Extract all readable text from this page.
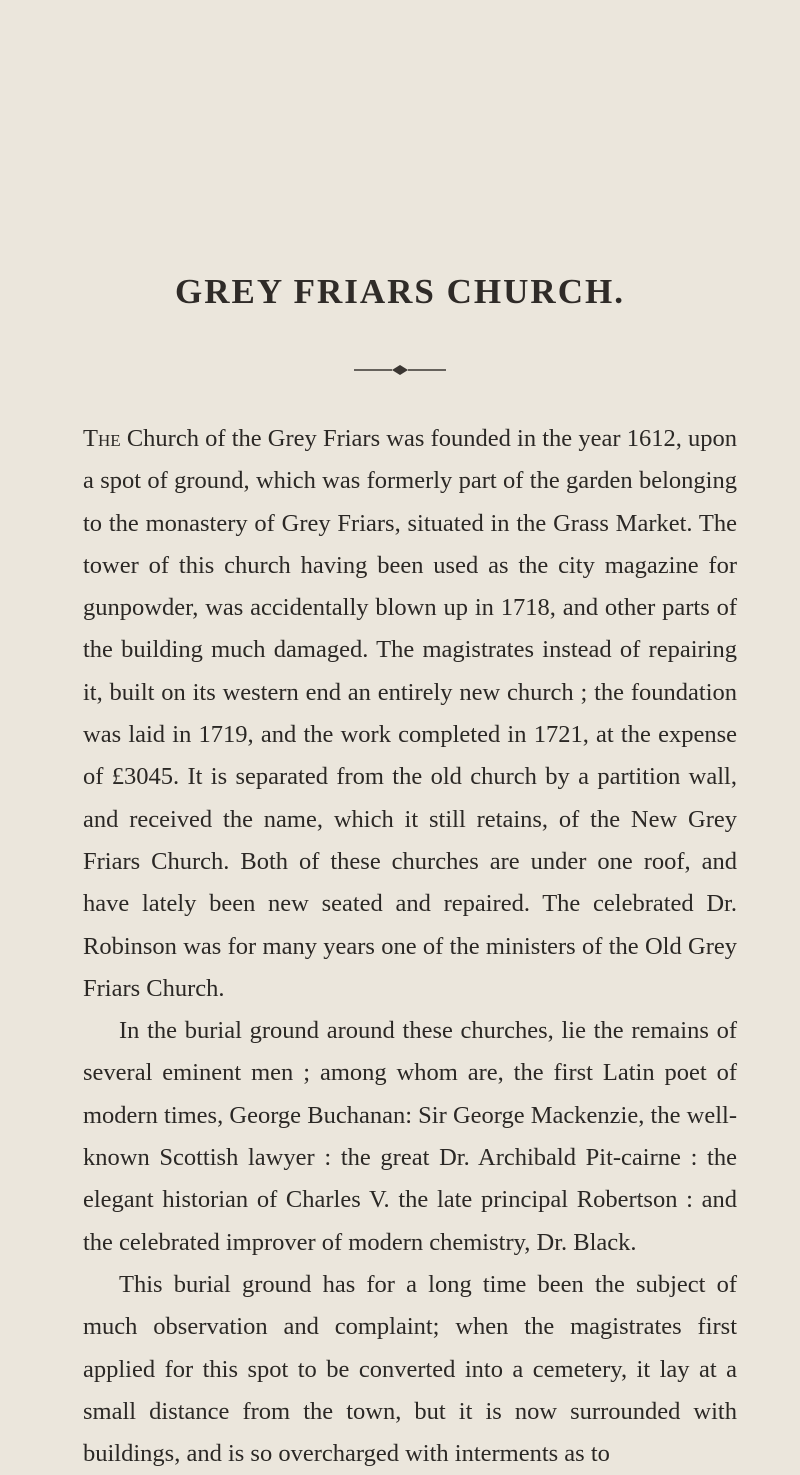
GREY FRIARS CHURCH.

The Church of the Grey Friars was founded in the year 1612, upon a spot of ground, which was formerly part of the garden belonging to the monastery of Grey Friars, situated in the Grass Market. The tower of this church having been used as the city magazine for gunpowder, was accidentally blown up in 1718, and other parts of the building much damaged. The magistrates instead of repairing it, built on its western end an entirely new church ; the foundation was laid in 1719, and the work completed in 1721, at the expense of £3045. It is separated from the old church by a partition wall, and received the name, which it still retains, of the New Grey Friars Church. Both of these churches are under one roof, and have lately been new seated and repaired. The celebrated Dr. Robinson was for many years one of the ministers of the Old Grey Friars Church.

In the burial ground around these churches, lie the remains of several eminent men ; among whom are, the first Latin poet of modern times, George Buchanan: Sir George Mackenzie, the well-known Scottish lawyer : the great Dr. Archibald Pit-cairne : the elegant historian of Charles V. the late principal Robertson : and the celebrated improver of modern chemistry, Dr. Black.

This burial ground has for a long time been the subject of much observation and complaint; when the magistrates first applied for this spot to be converted into a cemetery, it lay at a small distance from the town, but it is now surrounded with buildings, and is so overcharged with interments as to
